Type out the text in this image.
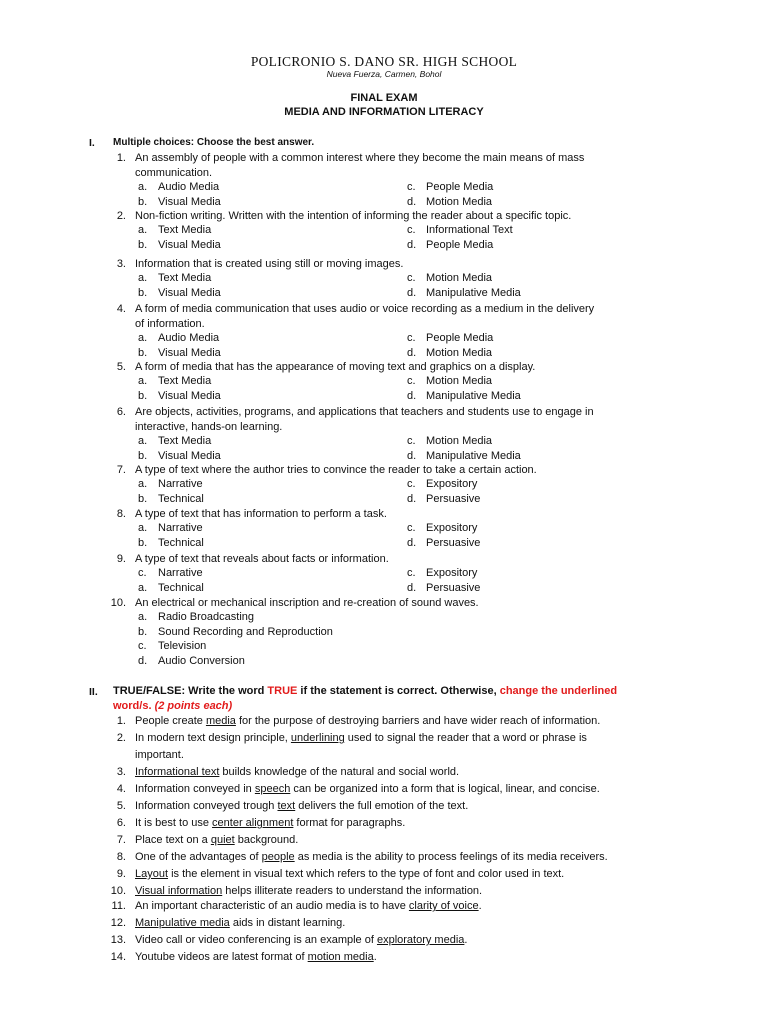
POLICRONIO S. DANO SR. HIGH SCHOOL
Nueva Fuerza, Carmen, Bohol
FINAL EXAM
MEDIA AND INFORMATION LITERACY
I. Multiple choices: Choose the best answer.
1. An assembly of people with a common interest where they become the main means of mass
communication.
a. Audio Media	c. People Media
b. Visual Media	d. Motion Media
2. Non-fiction writing. Written with the intention of informing the reader about a specific topic.
a. Text Media	c. Informational Text
b. Visual Media	d. People Media
3. Information that is created using still or moving images.
a. Text Media	c. Motion Media
b. Visual Media	d. Manipulative Media
4. A form of media communication that uses audio or voice recording as a medium in the delivery
of information.
a. Audio Media	c. People Media
b. Visual Media	d. Motion Media
5. A form of media that has the appearance of moving text and graphics on a display.
a. Text Media	c. Motion Media
b. Visual Media	d. Manipulative Media
6. Are objects, activities, programs, and applications that teachers and students use to engage in
interactive, hands-on learning.
a. Text Media	c. Motion Media
b. Visual Media	d. Manipulative Media
7. A type of text where the author tries to convince the reader to take a certain action.
a. Narrative	c. Expository
b. Technical	d. Persuasive
8. A type of text that has information to perform a task.
a. Narrative	c. Expository
b. Technical	d. Persuasive
9. A type of text that reveals about facts or information.
c. Narrative	c. Expository
a. Technical	d. Persuasive
10. An electrical or mechanical inscription and re-creation of sound waves.
a. Radio Broadcasting
b. Sound Recording and Reproduction
c. Television
d. Audio Conversion
II. TRUE/FALSE: Write the word TRUE if the statement is correct. Otherwise, change the underlined
word/s. (2 points each)
1. People create media for the purpose of destroying barriers and have wider reach of information.
2. In modern text design principle, underlining used to signal the reader that a word or phrase is
important.
3. Informational text builds knowledge of the natural and social world.
4. Information conveyed in speech can be organized into a form that is logical, linear, and concise.
5. Information conveyed trough text delivers the full emotion of the text.
6. It is best to use center alignment format for paragraphs.
7. Place text on a quiet background.
8. One of the advantages of people as media is the ability to process feelings of its media receivers.
9. Layout is the element in visual text which refers to the type of font and color used in text.
10. Visual information helps illiterate readers to understand the information.
11. An important characteristic of an audio media is to have clarity of voice.
12. Manipulative media aids in distant learning.
13. Video call or video conferencing is an example of exploratory media.
14. Youtube videos are latest format of motion media.
